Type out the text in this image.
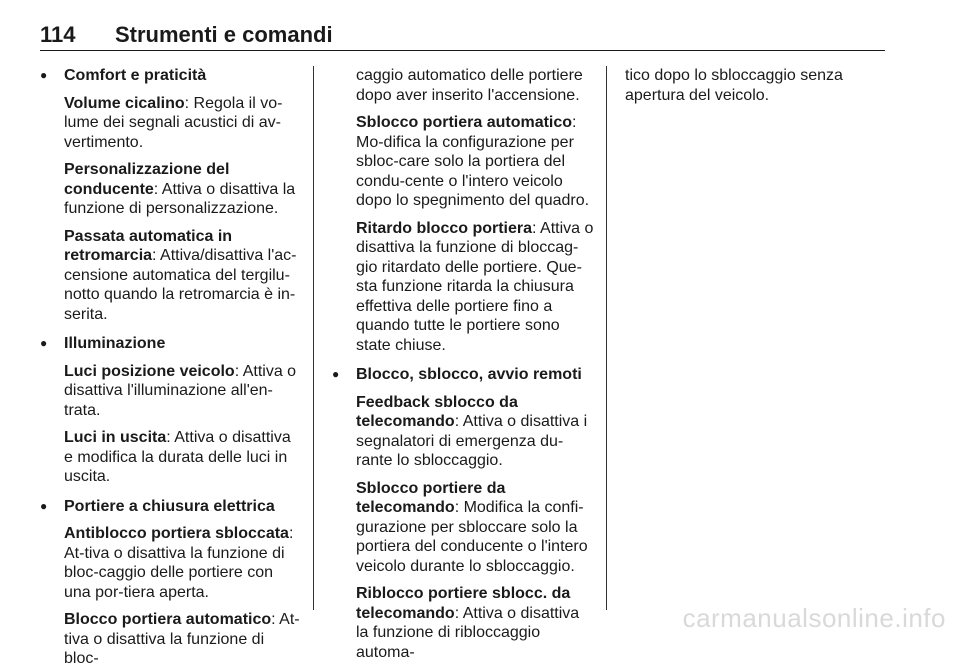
114 Strumenti e comandi
● Comfort e praticità
Volume cicalino: Regola il vo-lume dei segnali acustici di av-vertimento.
Personalizzazione del conducente: Attiva o disattiva la funzione di personalizzazione.
Passata automatica in retromarcia: Attiva/disattiva l'ac-censione automatica del tergilu-notto quando la retromarcia è in-serita.
● Illuminazione
Luci posizione veicolo: Attiva o disattiva l'illuminazione all'en-trata.
Luci in uscita: Attiva o disattiva e modifica la durata delle luci in uscita.
● Portiere a chiusura elettrica
Antiblocco portiera sbloccata: At-tiva o disattiva la funzione di bloc-caggio delle portiere con una por-tiera aperta.
Blocco portiera automatico: At-tiva o disattiva la funzione di bloc-
caggio automatico delle portiere dopo aver inserito l'accensione.
Sblocco portiera automatico: Mo-difica la configurazione per sbloc-care solo la portiera del condu-cente o l'intero veicolo dopo lo spegnimento del quadro.
Ritardo blocco portiera: Attiva o disattiva la funzione di bloccag-gio ritardato delle portiere. Que-sta funzione ritarda la chiusura effettiva delle portiere fino a quando tutte le portiere sono state chiuse.
● Blocco, sblocco, avvio remoti
Feedback sblocco da telecomando: Attiva o disattiva i segnalatori di emergenza du-rante lo sbloccaggio.
Sblocco portiere da telecomando: Modifica la confi-gurazione per sbloccare solo la portiera del conducente o l'intero veicolo durante lo sbloccaggio.
Riblocco portiere sblocc. da telecomando: Attiva o disattiva la funzione di ribloccaggio automa-
tico dopo lo sbloccaggio senza apertura del veicolo.
carmanualsonline.info
